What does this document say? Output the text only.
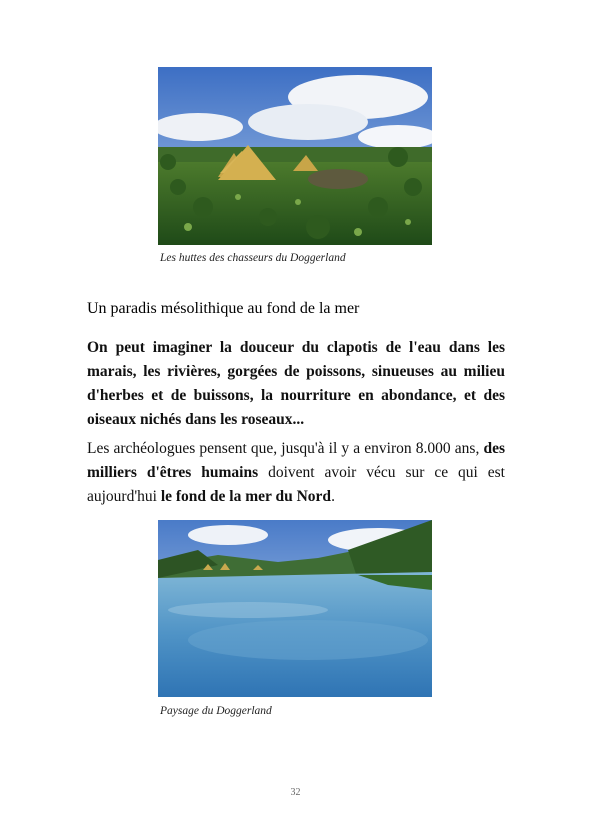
Les huttes des chasseurs du Doggerland
Un paradis mésolithique au fond de la mer
On peut imaginer la douceur du clapotis de l'eau dans les marais, les rivières, gorgées de poissons, sinueuses au milieu d'herbes et de buissons, la nourriture en abondance, et des oiseaux nichés dans les roseaux...
Les archéologues pensent que, jusqu'à il y a environ 8.000 ans, des milliers d'êtres humains doivent avoir vécu sur ce qui est aujourd'hui le fond de la mer du Nord.
Paysage du Doggerland
32
